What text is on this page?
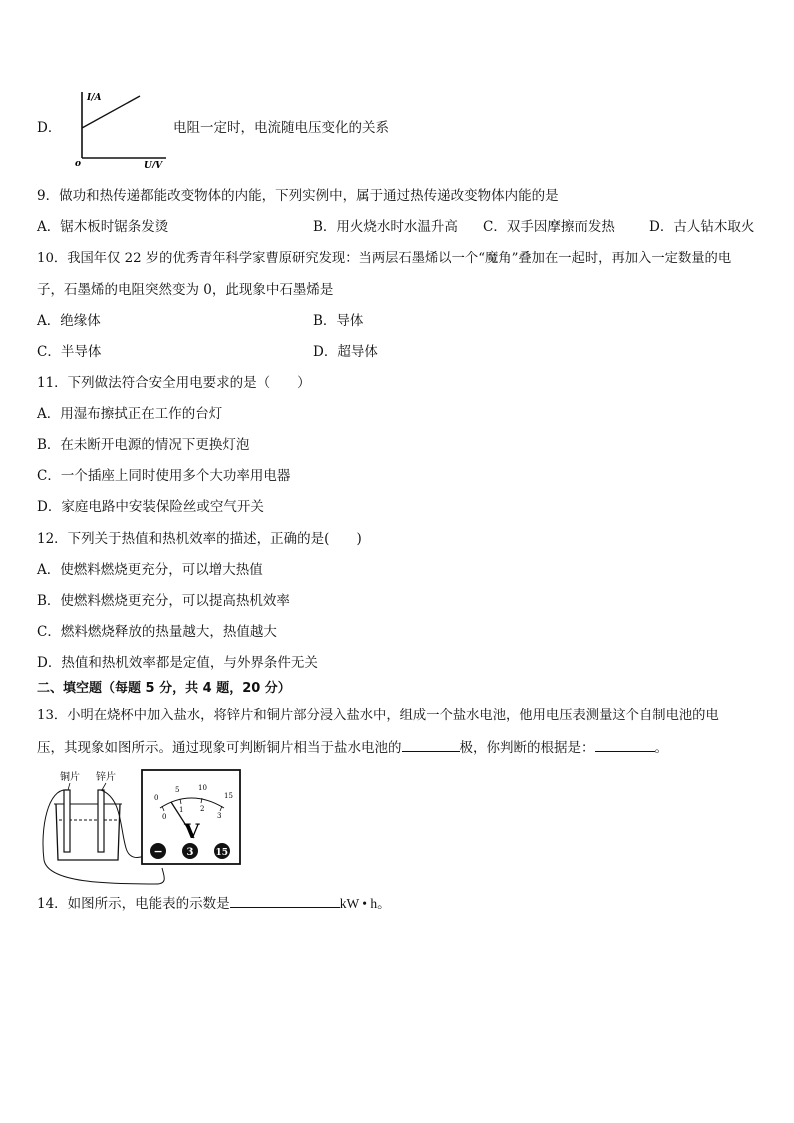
D．
I/A
U/V
o
电阻一定时，电流随电压变化的关系
9．做功和热传递都能改变物体的内能，下列实例中，属于通过热传递改变物体内能的是
A．锯木板时锯条发烫	B．用火烧水时水温升高 C．双手因摩擦而发热	D．古人钻木取火
10．我国年仅 22 岁的优秀青年科学家曹原研究发现：当两层石墨烯以一个“魔角”叠加在一起时，再加入一定数量的电
子，石墨烯的电阻突然变为 0，此现象中石墨烯是
A．绝缘体	B．导体
C．半导体	D．超导体
11．下列做法符合安全用电要求的是（　　）
A．用湿布擦拭正在工作的台灯
B．在未断开电源的情况下更换灯泡
C．一个插座上同时使用多个大功率用电器
D．家庭电路中安装保险丝或空气开关
12．下列关于热值和热机效率的描述，正确的是(　　)
A．使燃料燃烧更充分，可以增大热值
B．使燃料燃烧更充分，可以提高热机效率
C．燃料燃烧释放的热量越大，热值越大
D．热值和热机效率都是定值，与外界条件无关
二、填空题（每题 5 分，共 4 题，20 分）
13．小明在烧杯中加入盐水，将锌片和铜片部分浸入盐水中，组成一个盐水电池，他用电压表测量这个自制电池的电
压，其现象如图所示。通过现象可判断铜片相当于盐水电池的	极，你判断的根据是：	。
铜片 锌片
0
5	10
15
0
1 2
3
V
− 3 15
14．如图所示，电能表的示数是	kW • h。
